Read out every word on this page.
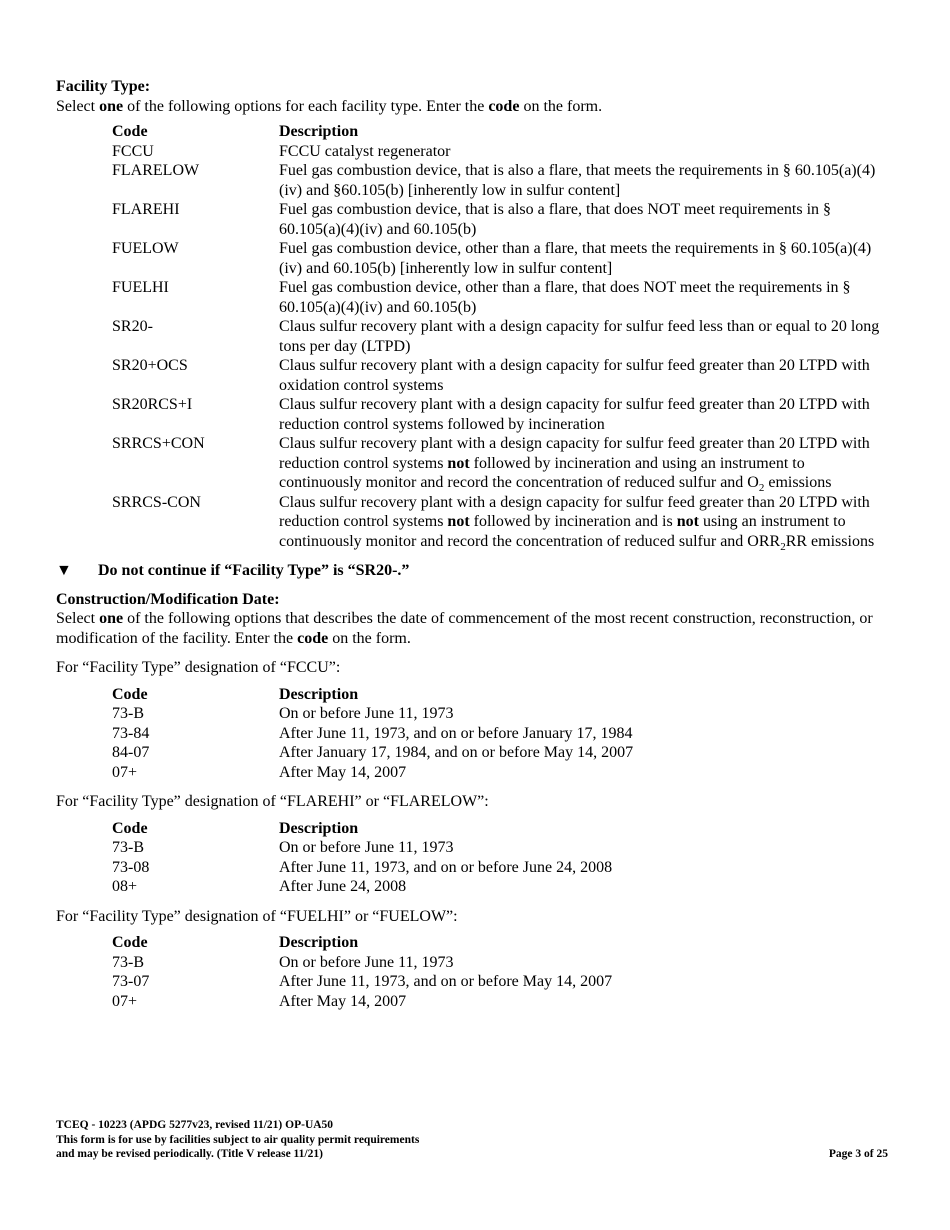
Facility Type:

Select one of the following options for each facility type. Enter the code on the form.

Code	Description
FCCU	FCCU catalyst regenerator
FLARELOW	Fuel gas combustion device, that is also a flare, that meets the requirements in § 60.105(a)(4)(iv) and §60.105(b) [inherently low in sulfur content]
FLAREHI	Fuel gas combustion device, that is also a flare, that does NOT meet requirements in § 60.105(a)(4)(iv) and 60.105(b)
FUELOW	Fuel gas combustion device, other than a flare, that meets the requirements in § 60.105(a)(4)(iv) and 60.105(b) [inherently low in sulfur content]
FUELHI	Fuel gas combustion device, other than a flare, that does NOT meet the requirements in § 60.105(a)(4)(iv) and 60.105(b)
SR20-	Claus sulfur recovery plant with a design capacity for sulfur feed less than or equal to 20 long tons per day (LTPD)
SR20+OCS	Claus sulfur recovery plant with a design capacity for sulfur feed greater than 20 LTPD with oxidation control systems
SR20RCS+I	Claus sulfur recovery plant with a design capacity for sulfur feed greater than 20 LTPD with reduction control systems followed by incineration
SRRCS+CON	Claus sulfur recovery plant with a design capacity for sulfur feed greater than 20 LTPD with reduction control systems not followed by incineration and using an instrument to continuously monitor and record the concentration of reduced sulfur and $O_2$ emissions
SRRCS-CON	Claus sulfur recovery plant with a design capacity for sulfur feed greater than 20 LTPD with reduction control systems not followed by incineration and is not using an instrument to continuously monitor and record the concentration of reduced sulfur and $ORR_2RR$ emissions
▼	Do not continue if “Facility Type” is “SR20-.”
Construction/Modification Date:

Select one of the following options that describes the date of commencement of the most recent construction, reconstruction, or modification of the facility. Enter the code on the form.

For “Facility Type” designation of “FCCU”:

Code	Description
73-B	On or before June 11, 1973
73-84	After June 11, 1973, and on or before January 17, 1984
84-07	After January 17, 1984, and on or before May 14, 2007
07+	After May 14, 2007

For “Facility Type” designation of “FLAREHI” or “FLARELOW”:

Code	Description
73-B	On or before June 11, 1973
73-08	After June 11, 1973, and on or before June 24, 2008
08+	After June 24, 2008

For “Facility Type” designation of “FUELHI” or “FUELOW”:

Code	Description
73-B	On or before June 11, 1973
73-07	After June 11, 1973, and on or before May 14, 2007
07+	After May 14, 2007
TCEQ - 10223 (APDG 5277v23, revised 11/21) OP-UA50
This form is for use by facilities subject to air quality permit requirements
and may be revised periodically. (Title V release 11/21)	Page 3 of 25
